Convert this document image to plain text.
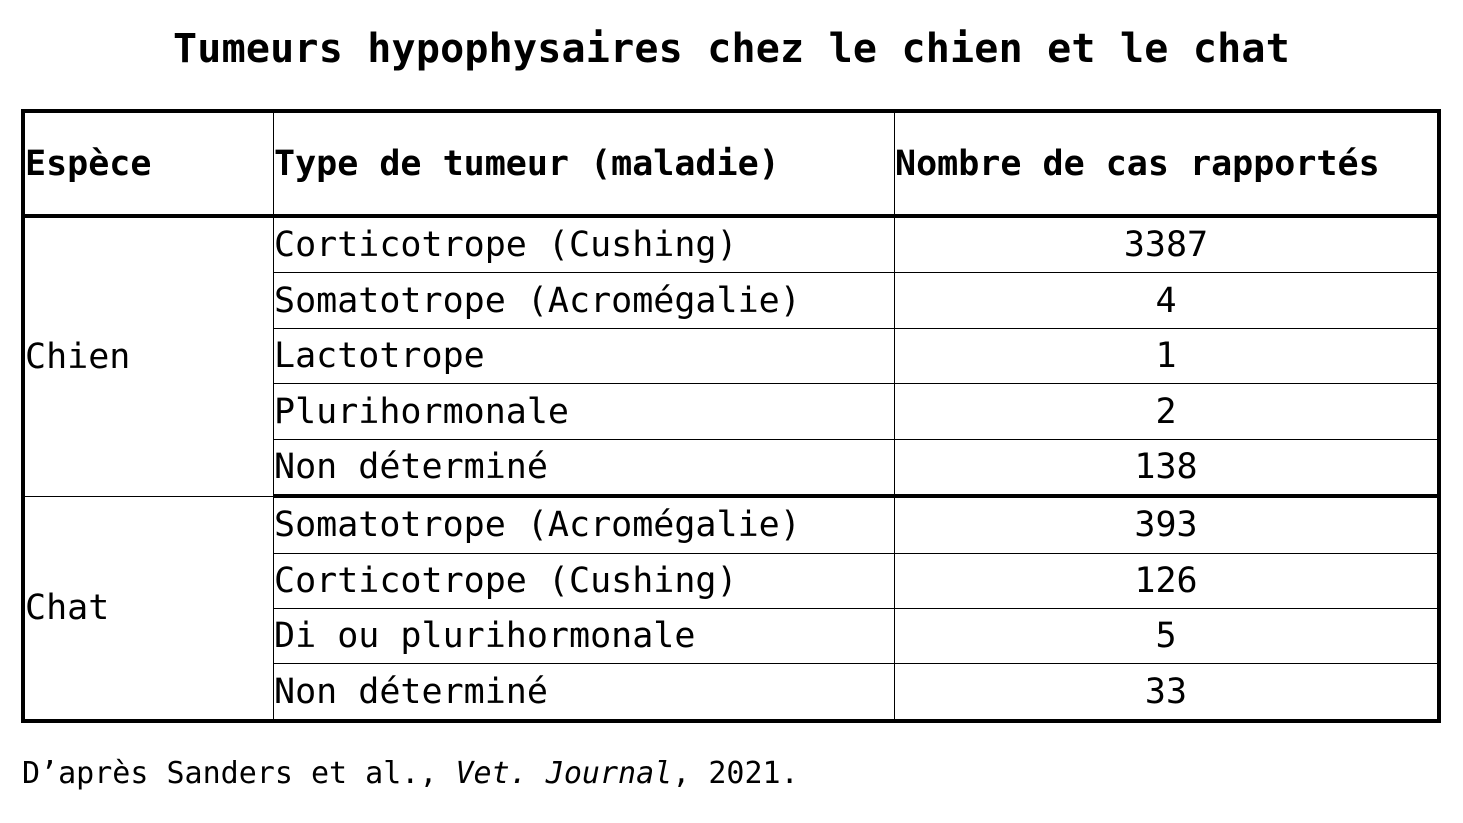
Tumeurs hypophysaires chez le chien et le chat
Espèce	Type de tumeur (maladie)	Nombre de cas rapportés
Chien	Corticotrope (Cushing)	3387
	Somatotrope (Acromégalie)	4
	Lactotrope	1
	Plurihormonale	2
	Non déterminé	138
Chat	Somatotrope (Acromégalie)	393
	Corticotrope (Cushing)	126
	Di ou plurihormonale	5
	Non déterminé	33
D’après Sanders et al., Vet. Journal, 2021.
